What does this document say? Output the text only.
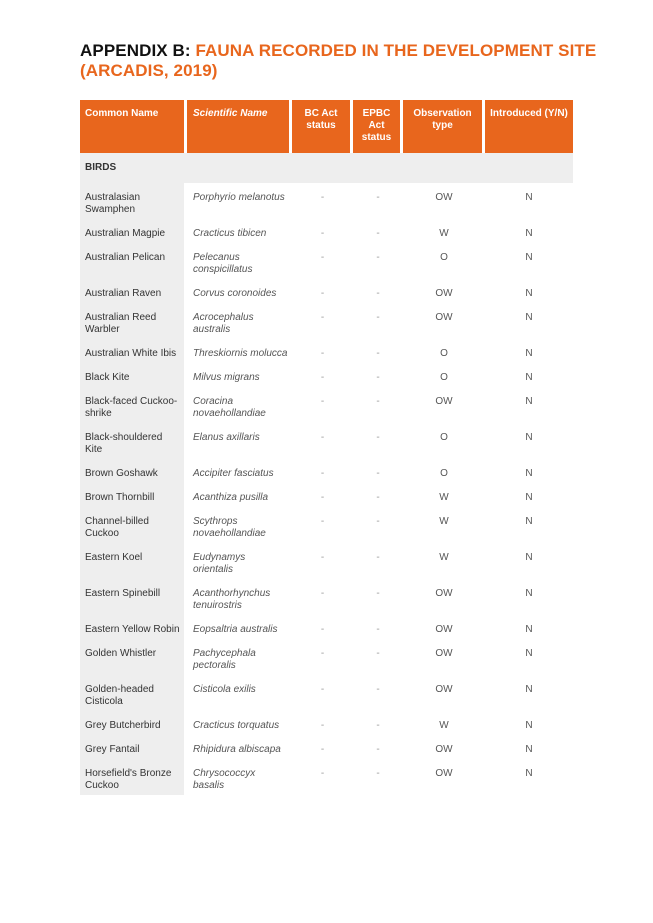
APPENDIX B: FAUNA RECORDED IN THE DEVELOPMENT SITE (ARCADIS, 2019)
Common Name	Scientific Name	BC Act status	EPBC Act status	Observation type	Introduced (Y/N)
BIRDS					
Australasian Swamphen	Porphyrio melanotus	-	-	OW	N
Australian Magpie	Cracticus tibicen	-	-	W	N
Australian Pelican	Pelecanus conspicillatus	-	-	O	N
Australian Raven	Corvus coronoides	-	-	OW	N
Australian Reed Warbler	Acrocephalus australis	-	-	OW	N
Australian White Ibis	Threskiornis molucca	-	-	O	N
Black Kite	Milvus migrans	-	-	O	N
Black-faced Cuckoo-shrike	Coracina novaehollandiae	-	-	OW	N
Black-shouldered Kite	Elanus axillaris	-	-	O	N
Brown Goshawk	Accipiter fasciatus	-	-	O	N
Brown Thornbill	Acanthiza pusilla	-	-	W	N
Channel-billed Cuckoo	Scythrops novaehollandiae	-	-	W	N
Eastern Koel	Eudynamys orientalis	-	-	W	N
Eastern Spinebill	Acanthorhynchus tenuirostris	-	-	OW	N
Eastern Yellow Robin	Eopsaltria australis	-	-	OW	N
Golden Whistler	Pachycephala pectoralis	-	-	OW	N
Golden-headed Cisticola	Cisticola exilis	-	-	OW	N
Grey Butcherbird	Cracticus torquatus	-	-	W	N
Grey Fantail	Rhipidura albiscapa	-	-	OW	N
Horsefield's Bronze Cuckoo	Chrysococcyx basalis	-	-	OW	N
